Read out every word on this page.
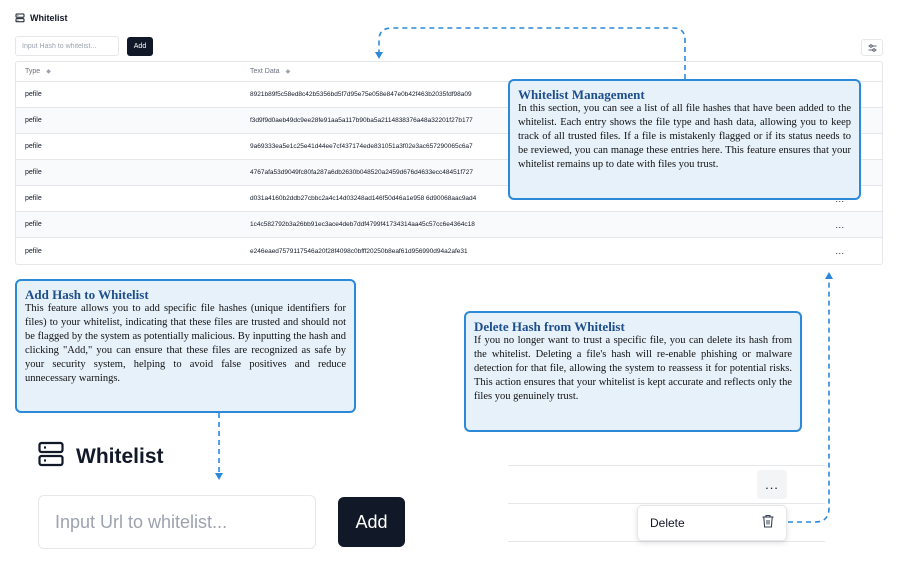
Whitelist
Input Hash to whitelist...
Add
Type ◆	Text Data ◆
pefile	8921b89f5c58ed8c42b5356bd5f7d95e75e058e847e0b42f463b2035fdf98a09
pefile	f3d9f9d0aeb49dc9ee28fe91aa5a117b90ba5a2114838376a48a32201f27b177
pefile	9a69333ea5e1c25e41d44ee7cf437174ede831051a3f02e3ac657290065c6a7
pefile	4767afa53d9049fc80fa287a6db2630b048520a2459d676d4633ecc48451f727
pefile	d031a4160b2ddb27cbbc2a4c14d03248ad146f50d46a1e958 6d90068aac9ad4
pefile	1c4c582792b3a26bb91ec3ace4deb7ddf4799f41734314aa45c57cc6e4364c18	...
pefile	e246eaed7579117546a20f28f4098c0bfff20250b8eaf61d956990d94a2afe31	...
Whitelist Management
In this section, you can see a list of all file hashes that have been added to the whitelist. Each entry shows the file type and hash data, allowing you to keep track of all trusted files. If a file is mistakenly flagged or if its status needs to be reviewed, you can manage these entries here. This feature ensures that your whitelist remains up to date with files you trust.
Add Hash to Whitelist
This feature allows you to add specific file hashes (unique identifiers for files) to your whitelist, indicating that these files are trusted and should not be flagged by the system as potentially malicious. By inputting the hash and clicking "Add," you can ensure that these files are recognized as safe by your security system, helping to avoid false positives and reduce unnecessary warnings.
Delete Hash from Whitelist
If you no longer want to trust a specific file, you can delete its hash from the whitelist. Deleting a file's hash will re-enable phishing or malware detection for that file, allowing the system to reassess it for potential risks. This action ensures that your whitelist is kept accurate and reflects only the files you genuinely trust.
Whitelist
Input Url to whitelist...
Add
...
Delete
